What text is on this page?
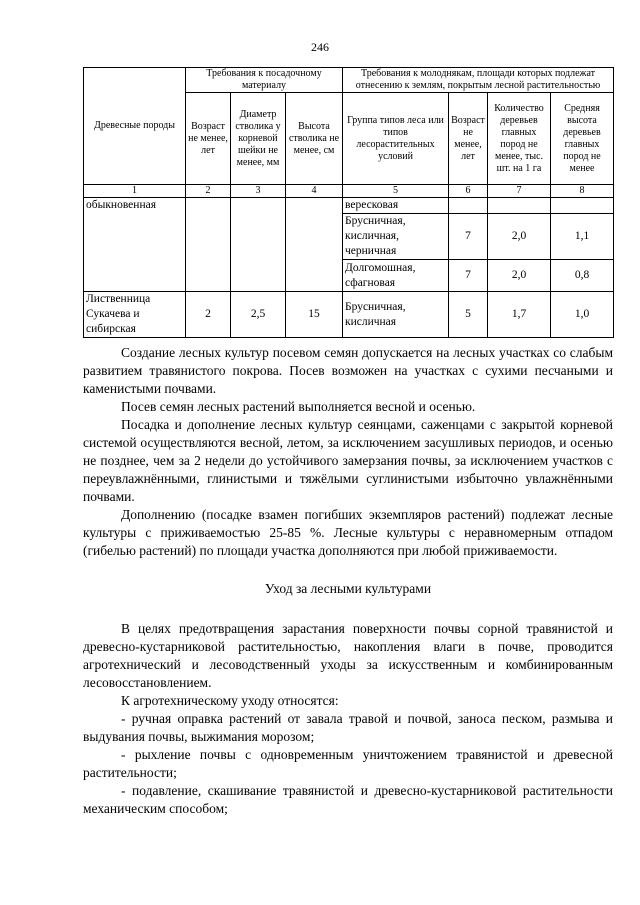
246
Древесные породы	Требования к посадочному материалу			Требования к молоднякам, площади которых подлежат отнесению к землям, покрытым лесной растительностью			
	Возраст не менее, лет	Диаметр стволика у корневой шейки не менее, мм	Высота стволика не менее, см	Группа типов леса или типов лесорастительных условий	Возраст не менее, лет	Количество деревьев главных пород не менее, тыс. шт. на 1 га	Средняя высота деревьев главных пород не менее
1	2	3	4	5	6	7	8
обыкновенная				вересковая			
				Брусничная, кисличная, черничная	7	2,0	1,1
				Долгомошная, сфагновая	7	2,0	0,8
Лиственница Сукачева и сибирская	2	2,5	15	Брусничная, кисличная	5	1,7	1,0

Создание лесных культур посевом семян допускается на лесных участках со слабым развитием травянистого покрова. Посев возможен на участках с сухими песчаными и каменистыми почвами.

Посев семян лесных растений выполняется весной и осенью.

Посадка и дополнение лесных культур сеянцами, саженцами с закрытой корневой системой осуществляются весной, летом, за исключением засушливых периодов, и осенью не позднее, чем за 2 недели до устойчивого замерзания почвы, за исключением участков с переувлажнёнными, глинистыми и тяжёлыми суглинистыми избыточно увлажнёнными почвами.

Дополнению (посадке взамен погибших экземпляров растений) подлежат лесные культуры с приживаемостью 25-85 %. Лесные культуры с неравномерным отпадом (гибелью растений) по площади участка дополняются при любой приживаемости.

Уход за лесными культурами

В целях предотвращения зарастания поверхности почвы сорной травянистой и древесно-кустарниковой растительностью, накопления влаги в почве, проводится агротехнический и лесоводственный уходы за искусственным и комбинированным лесовосстановлением.

К агротехническому уходу относятся:

- ручная оправка растений от завала травой и почвой, заноса песком, размыва и выдувания почвы, выжимания морозом;

- рыхление почвы с одновременным уничтожением травянистой и древесной растительности;

- подавление, скашивание травянистой и древесно-кустарниковой растительности механическим способом;
